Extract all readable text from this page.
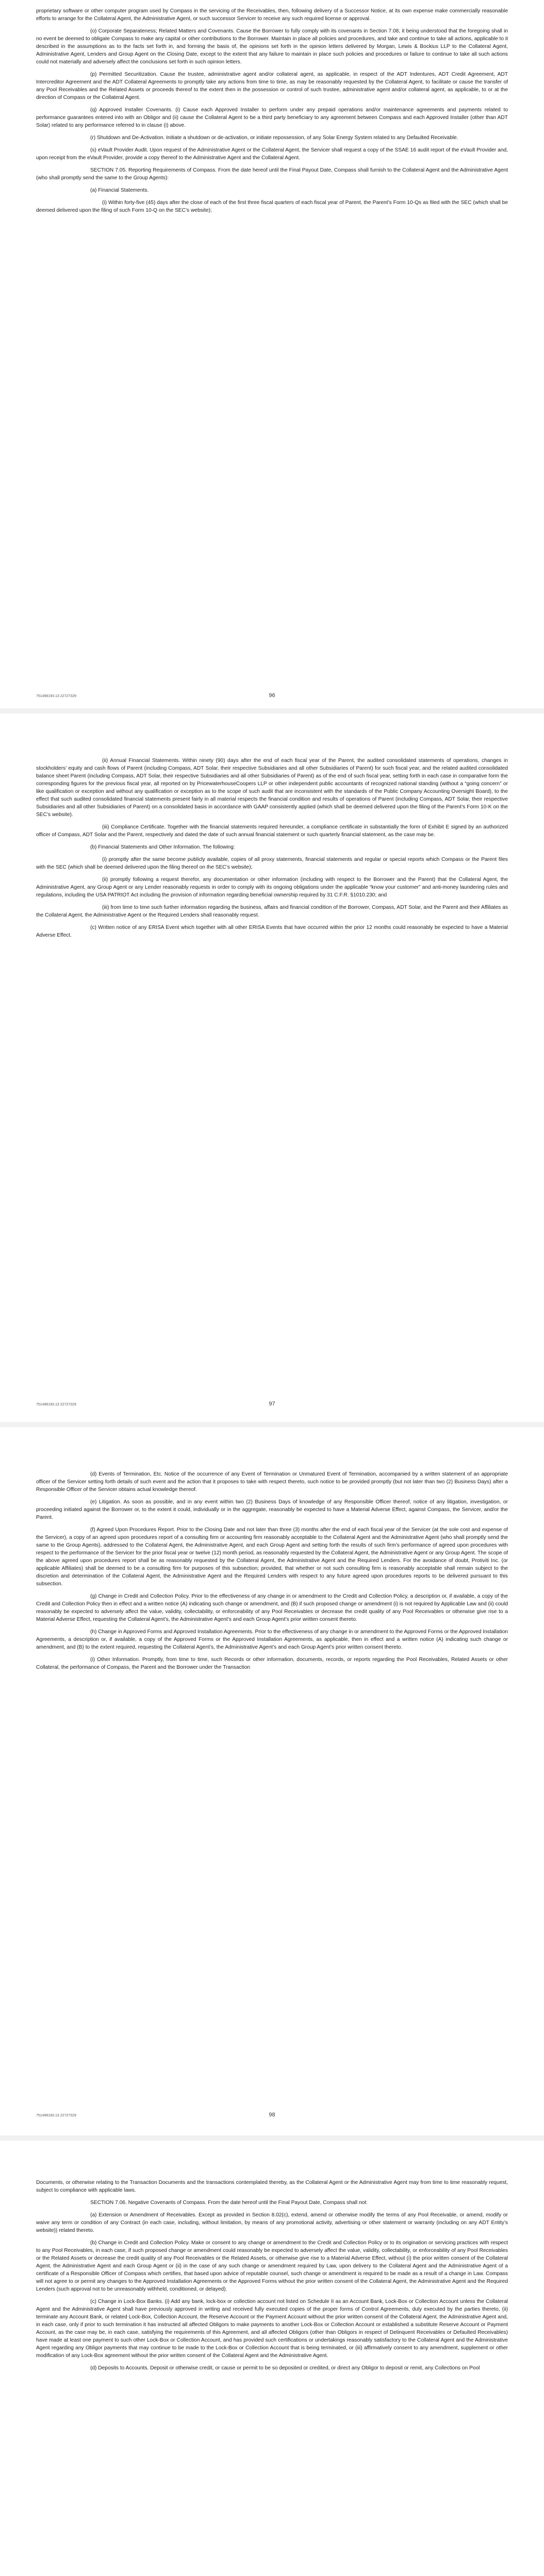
proprietary software or other computer program used by Compass in the servicing of the Receivables, then, following delivery of a Successor Notice, at its own expense make commercially reasonable efforts to arrange for the Collateral Agent, the Administrative Agent, or such successor Servicer to receive any such required license or approval.

(o) Corporate Separateness; Related Matters and Covenants. Cause the Borrower to fully comply with its covenants in Section 7.08, it being understood that the foregoing shall in no event be deemed to obligate Compass to make any capital or other contributions to the Borrower. Maintain in place all policies and procedures, and take and continue to take all actions, applicable to it described in the assumptions as to the facts set forth in, and forming the basis of, the opinions set forth in the opinion letters delivered by Morgan, Lewis & Bockius LLP to the Collateral Agent, Administrative Agent, Lenders and Group Agent on the Closing Date, except to the extent that any failure to maintain in place such policies and procedures or failure to continue to take all such actions could not materially and adversely affect the conclusions set forth in such opinion letters.

(p) Permitted Securitization. Cause the trustee, administrative agent and/or collateral agent, as applicable, in respect of the ADT Indentures, ADT Credit Agreement, ADT Intercreditor Agreement and the ADT Collateral Agreements to promptly take any actions from time to time, as may be reasonably requested by the Collateral Agent, to facilitate or cause the transfer of any Pool Receivables and the Related Assets or proceeds thereof to the extent then in the possession or control of such trustee, administrative agent and/or collateral agent, as applicable, to or at the direction of Compass or the Collateral Agent.

(q) Approved Installer Covenants. (i) Cause each Approved Installer to perform under any prepaid operations and/or maintenance agreements and payments related to performance guarantees entered into with an Obligor and (ii) cause the Collateral Agent to be a third party beneficiary to any agreement between Compass and each Approved Installer (other than ADT Solar) related to any performance referred to in clause (i) above.

(r) Shutdown and De-Activation. Initiate a shutdown or de-activation, or initiate repossession, of any Solar Energy System related to any Defaulted Receivable.

(s) eVault Provider Audit. Upon request of the Administrative Agent or the Collateral Agent, the Servicer shall request a copy of the SSAE 16 audit report of the eVault Provider and, upon receipt from the eVault Provider, provide a copy thereof to the Administrative Agent and the Collateral Agent.

SECTION 7.05. Reporting Requirements of Compass. From the date hereof until the Final Payout Date, Compass shall furnish to the Collateral Agent and the Administrative Agent (who shall promptly send the same to the Group Agents):

(a) Financial Statements.

(i) Within forty-five (45) days after the close of each of the first three fiscal quarters of each fiscal year of Parent, the Parent’s Form 10-Qs as filed with the SEC (which shall be deemed delivered upon the filing of such Form 10-Q on the SEC’s website);

751496193.13 22727329	96

(ii) Annual Financial Statements. Within ninety (90) days after the end of each fiscal year of the Parent, the audited consolidated statements of operations, changes in stockholders’ equity and cash flows of Parent (including Compass, ADT Solar, their respective Subsidiaries and all other Subsidiaries of Parent) for such fiscal year, and the related audited consolidated balance sheet Parent (including Compass, ADT Solar, their respective Subsidiaries and all other Subsidiaries of Parent) as of the end of such fiscal year, setting forth in each case in comparative form the corresponding figures for the previous fiscal year, all reported on by PricewaterhouseCoopers LLP or other independent public accountants of recognized national standing (without a “going concern” or like qualification or exception and without any qualification or exception as to the scope of such audit that are inconsistent with the standards of the Public Company Accounting Oversight Board), to the effect that such audited consolidated financial statements present fairly in all material respects the financial condition and results of operations of Parent (including Compass, ADT Solar, their respective Subsidiaries and all other Subsidiaries of Parent) on a consolidated basis in accordance with GAAP consistently applied (which shall be deemed delivered upon the filing of the Parent’s Form 10-K on the SEC’s website).

(iii) Compliance Certificate. Together with the financial statements required hereunder, a compliance certificate in substantially the form of Exhibit E signed by an authorized officer of Compass, ADT Solar and the Parent, respectively and dated the date of such annual financial statement or such quarterly financial statement, as the case may be.

(b) Financial Statements and Other Information. The following:

(i) promptly after the same become publicly available, copies of all proxy statements, financial statements and regular or special reports which Compass or the Parent files with the SEC (which shall be deemed delivered upon the filing thereof on the SEC’s website);

(ii) promptly following a request therefor, any documentation or other information (including with respect to the Borrower and the Parent) that the Collateral Agent, the Administrative Agent, any Group Agent or any Lender reasonably requests in order to comply with its ongoing obligations under the applicable “know your customer” and anti-money laundering rules and regulations, including the USA PATRIOT Act including the provision of information regarding beneficial ownership required by 31 C.F.R. §1010.230; and

(iii) from time to time such further information regarding the business, affairs and financial condition of the Borrower, Compass, ADT Solar, and the Parent and their Affiliates as the Collateral Agent, the Administrative Agent or the Required Lenders shall reasonably request.

(c) Written notice of any ERISA Event which together with all other ERISA Events that have occurred within the prior 12 months could reasonably be expected to have a Material Adverse Effect.

751496193.13 22727329	97

(d) Events of Termination, Etc. Notice of the occurrence of any Event of Termination or Unmatured Event of Termination, accompanied by a written statement of an appropriate officer of the Servicer setting forth details of such event and the action that it proposes to take with respect thereto, such notice to be provided promptly (but not later than two (2) Business Days) after a Responsible Officer of the Servicer obtains actual knowledge thereof.

(e) Litigation. As soon as possible, and in any event within two (2) Business Days of knowledge of any Responsible Officer thereof, notice of any litigation, investigation, or proceeding initiated against the Borrower or, to the extent it could, individually or in the aggregate, reasonably be expected to have a Material Adverse Effect, against Compass, the Servicer, and/or the Parent.

(f) Agreed Upon Procedures Report. Prior to the Closing Date and not later than three (3) months after the end of each fiscal year of the Servicer (at the sole cost and expense of the Servicer), a copy of an agreed upon procedures report of a consulting firm or accounting firm reasonably acceptable to the Collateral Agent and the Administrative Agent (who shall promptly send the same to the Group Agents), addressed to the Collateral Agent, the Administrative Agent, and each Group Agent and setting forth the results of such firm’s performance of agreed upon procedures with respect to the performance of the Servicer for the prior fiscal year or twelve (12) month period, as reasonably requested by the Collateral Agent, the Administrative Agent or any Group Agent. The scope of the above agreed upon procedures report shall be as reasonably requested by the Collateral Agent, the Administrative Agent and the Required Lenders. For the avoidance of doubt, Protiviti Inc. (or applicable Affiliates) shall be deemed to be a consulting firm for purposes of this subsection; provided, that whether or not such consulting firm is reasonably acceptable shall remain subject to the discretion and determination of the Collateral Agent, the Administrative Agent and the Required Lenders with respect to any future agreed upon procedures reports to be delivered pursuant to this subsection.

(g) Change in Credit and Collection Policy. Prior to the effectiveness of any change in or amendment to the Credit and Collection Policy, a description or, if available, a copy of the Credit and Collection Policy then in effect and a written notice (A) indicating such change or amendment, and (B) if such proposed change or amendment (i) is not required by Applicable Law and (ii) could reasonably be expected to adversely affect the value, validity, collectability, or enforceability of any Pool Receivables or decrease the credit quality of any Pool Receivables or otherwise give rise to a Material Adverse Effect, requesting the Collateral Agent’s, the Administrative Agent’s and each Group Agent’s prior written consent thereto.

(h) Change in Approved Forms and Approved Installation Agreements. Prior to the effectiveness of any change in or amendment to the Approved Forms or the Approved Installation Agreements, a description or, if available, a copy of the Approved Forms or the Approved Installation Agreements, as applicable, then in effect and a written notice (A) indicating such change or amendment, and (B) to the extent required, requesting the Collateral Agent’s, the Administrative Agent’s and each Group Agent’s prior written consent thereto.

(i) Other Information. Promptly, from time to time, such Records or other information, documents, records, or reports regarding the Pool Receivables, Related Assets or other Collateral, the performance of Compass, the Parent and the Borrower under the Transaction

751496193.13 22727329	98

Documents, or otherwise relating to the Transaction Documents and the transactions contemplated thereby, as the Collateral Agent or the Administrative Agent may from time to time reasonably request, subject to compliance with applicable laws.

SECTION 7.06. Negative Covenants of Compass. From the date hereof until the Final Payout Date, Compass shall not:

(a) Extension or Amendment of Receivables. Except as provided in Section 8.02(c), extend, amend or otherwise modify the terms of any Pool Receivable, or amend, modify or waive any term or condition of any Contract (in each case, including, without limitation, by means of any promotional activity, advertising or other statement or warranty (including on any ADT Entity’s website)) related thereto.

(b) Change in Credit and Collection Policy. Make or consent to any change or amendment to the Credit and Collection Policy or to its origination or servicing practices with respect to any Pool Receivables, in each case, if such proposed change or amendment could reasonably be expected to adversely affect the value, validity, collectability, or enforceability of any Pool Receivables or the Related Assets or decrease the credit quality of any Pool Receivables or the Related Assets, or otherwise give rise to a Material Adverse Effect, without (i) the prior written consent of the Collateral Agent, the Administrative Agent and each Group Agent or (ii) in the case of any such change or amendment required by Law, upon delivery to the Collateral Agent and the Administrative Agent of a certificate of a Responsible Officer of Compass which certifies, that based upon advice of reputable counsel, such change or amendment is required to be made as a result of a change in Law. Compass will not agree to or permit any changes to the Approved Installation Agreements or the Approved Forms without the prior written consent of the Collateral Agent, the Administrative Agent and the Required Lenders (such approval not to be unreasonably withheld, conditioned, or delayed).

(c) Change in Lock-Box Banks. (i) Add any bank, lock-box or collection account not listed on Schedule II as an Account Bank, Lock-Box or Collection Account unless the Collateral Agent and the Administrative Agent shall have previously approved in writing and received fully executed copies of the proper forms of Control Agreements, duly executed by the parties thereto, (ii) terminate any Account Bank, or related Lock-Box, Collection Account, the Reserve Account or the Payment Account without the prior written consent of the Collateral Agent, the Administrative Agent and, in each case, only if prior to such termination it has instructed all affected Obligors to make payments to another Lock-Box or Collection Account or established a substitute Reserve Account or Payment Account, as the case may be, in each case, satisfying the requirements of this Agreement, and all affected Obligors (other than Obligors in respect of Delinquent Receivables or Defaulted Receivables) have made at least one payment to such other Lock-Box or Collection Account, and has provided such certifications or undertakings reasonably satisfactory to the Collateral Agent and the Administrative Agent regarding any Obligor payments that may continue to be made to the Lock-Box or Collection Account that is being terminated, or (iii) affirmatively consent to any amendment, supplement or other modification of any Lock-Box agreement without the prior written consent of the Collateral Agent and the Administrative Agent.

(d) Deposits to Accounts. Deposit or otherwise credit, or cause or permit to be so deposited or credited, or direct any Obligor to deposit or remit, any Collections on Pool
